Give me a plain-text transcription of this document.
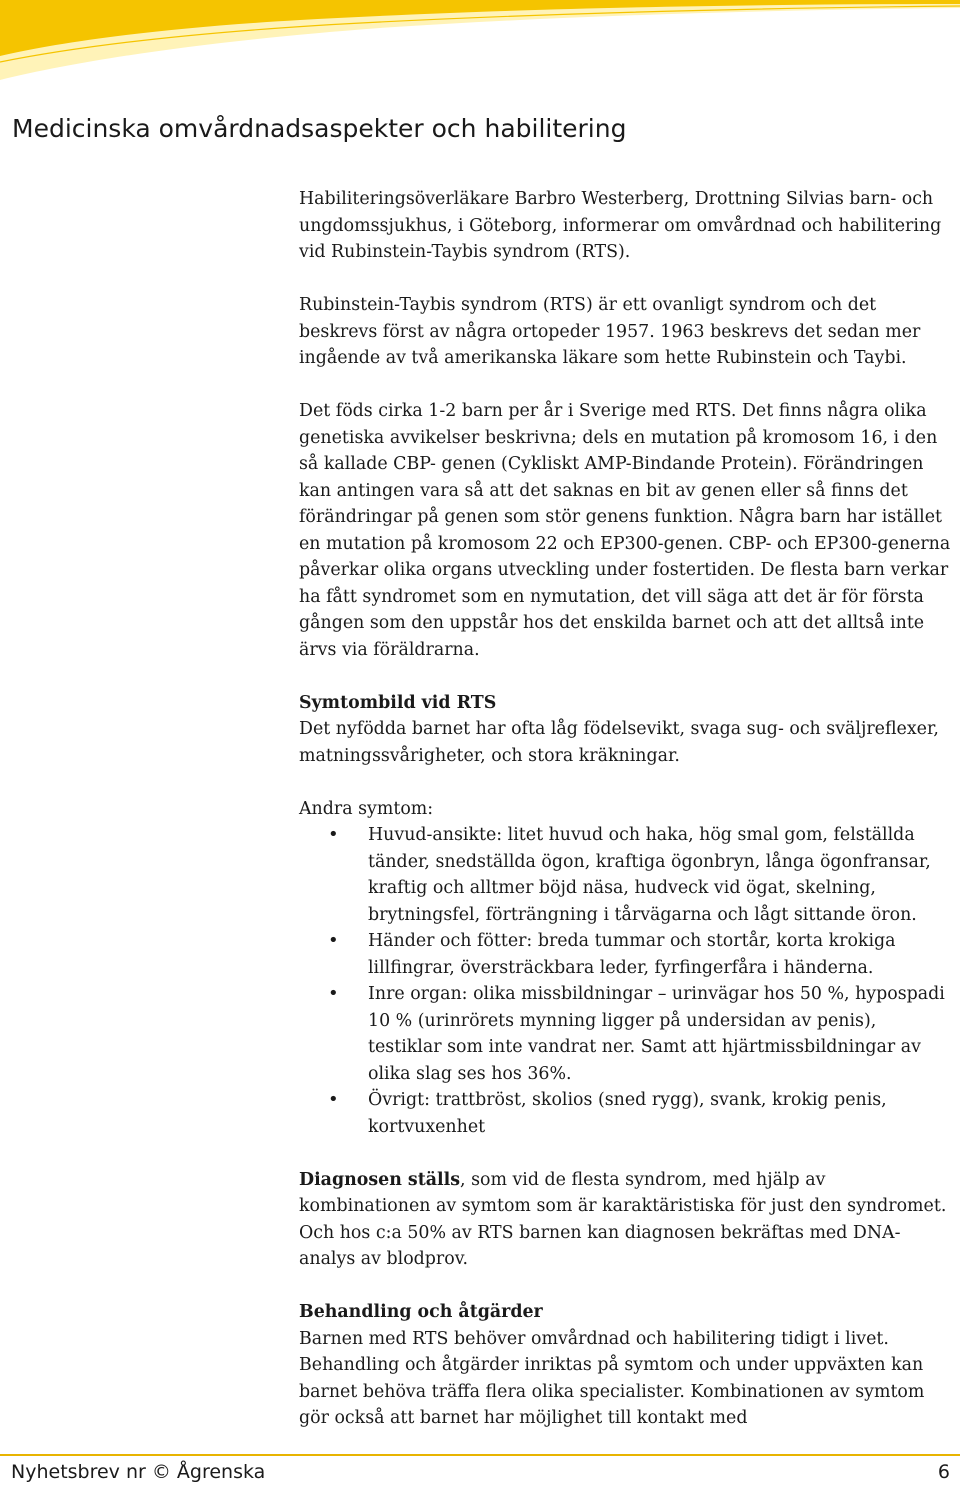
Medicinska omvårdnadsaspekter och habilitering

Habiliteringsöverläkare Barbro Westerberg, Drottning Silvias barn- och ungdomssjukhus, i Göteborg, informerar om omvårdnad och habilitering vid Rubinstein-Taybis syndrom (RTS).

Rubinstein-Taybis syndrom (RTS) är ett ovanligt syndrom och det beskrevs först av några ortopeder 1957. 1963 beskrevs det sedan mer ingående av två amerikanska läkare som hette Rubinstein och Taybi.

Det föds cirka 1-2 barn per år i Sverige med RTS. Det finns några olika genetiska avvikelser beskrivna; dels en mutation på kromosom 16, i den så kallade CBP- genen (Cykliskt AMP-Bindande Protein). Förändringen kan antingen vara så att det saknas en bit av genen eller så finns det förändringar på genen som stör genens funktion. Några barn har istället en mutation på kromosom 22 och EP300-genen. CBP- och EP300-generna påverkar olika organs utveckling under fostertiden. De flesta barn verkar ha fått syndromet som en nymutation, det vill säga att det är för första gången som den uppstår hos det enskilda barnet och att det alltså inte ärvs via föräldrarna.

Symtombild vid RTS
Det nyfödda barnet har ofta låg födelsevikt, svaga sug- och sväljreflexer, matningssvårigheter, och stora kräkningar.

Andra symtom:
• Huvud-ansikte: litet huvud och haka, hög smal gom, felställda tänder, snedställda ögon, kraftiga ögonbryn, långa ögonfransar, kraftig och alltmer böjd näsa, hudveck vid ögat, skelning, brytningsfel, förträngning i tårvägarna och lågt sittande öron.
• Händer och fötter: breda tummar och stortår, korta krokiga lillfingrar, översträckbara leder, fyrfingerfåra i händerna.
• Inre organ: olika missbildningar – urinvägar hos 50 %, hypospadi 10 % (urinrörets mynning ligger på undersidan av penis), testiklar som inte vandrat ner. Samt att hjärtmissbildningar av olika slag ses hos 36%.
• Övrigt: trattbröst, skolios (sned rygg), svank, krokig penis, kortvuxenhet

Diagnosen ställs, som vid de flesta syndrom, med hjälp av kombinationen av symtom som är karaktäristiska för just den syndromet. Och hos c:a 50% av RTS barnen kan diagnosen bekräftas med DNA-analys av blodprov.

Behandling och åtgärder
Barnen med RTS behöver omvårdnad och habilitering tidigt i livet. Behandling och åtgärder inriktas på symtom och under uppväxten kan barnet behöva träffa flera olika specialister. Kombinationen av symtom gör också att barnet har möjlighet till kontakt med

Nyhetsbrev nr © Ågrenska	6
